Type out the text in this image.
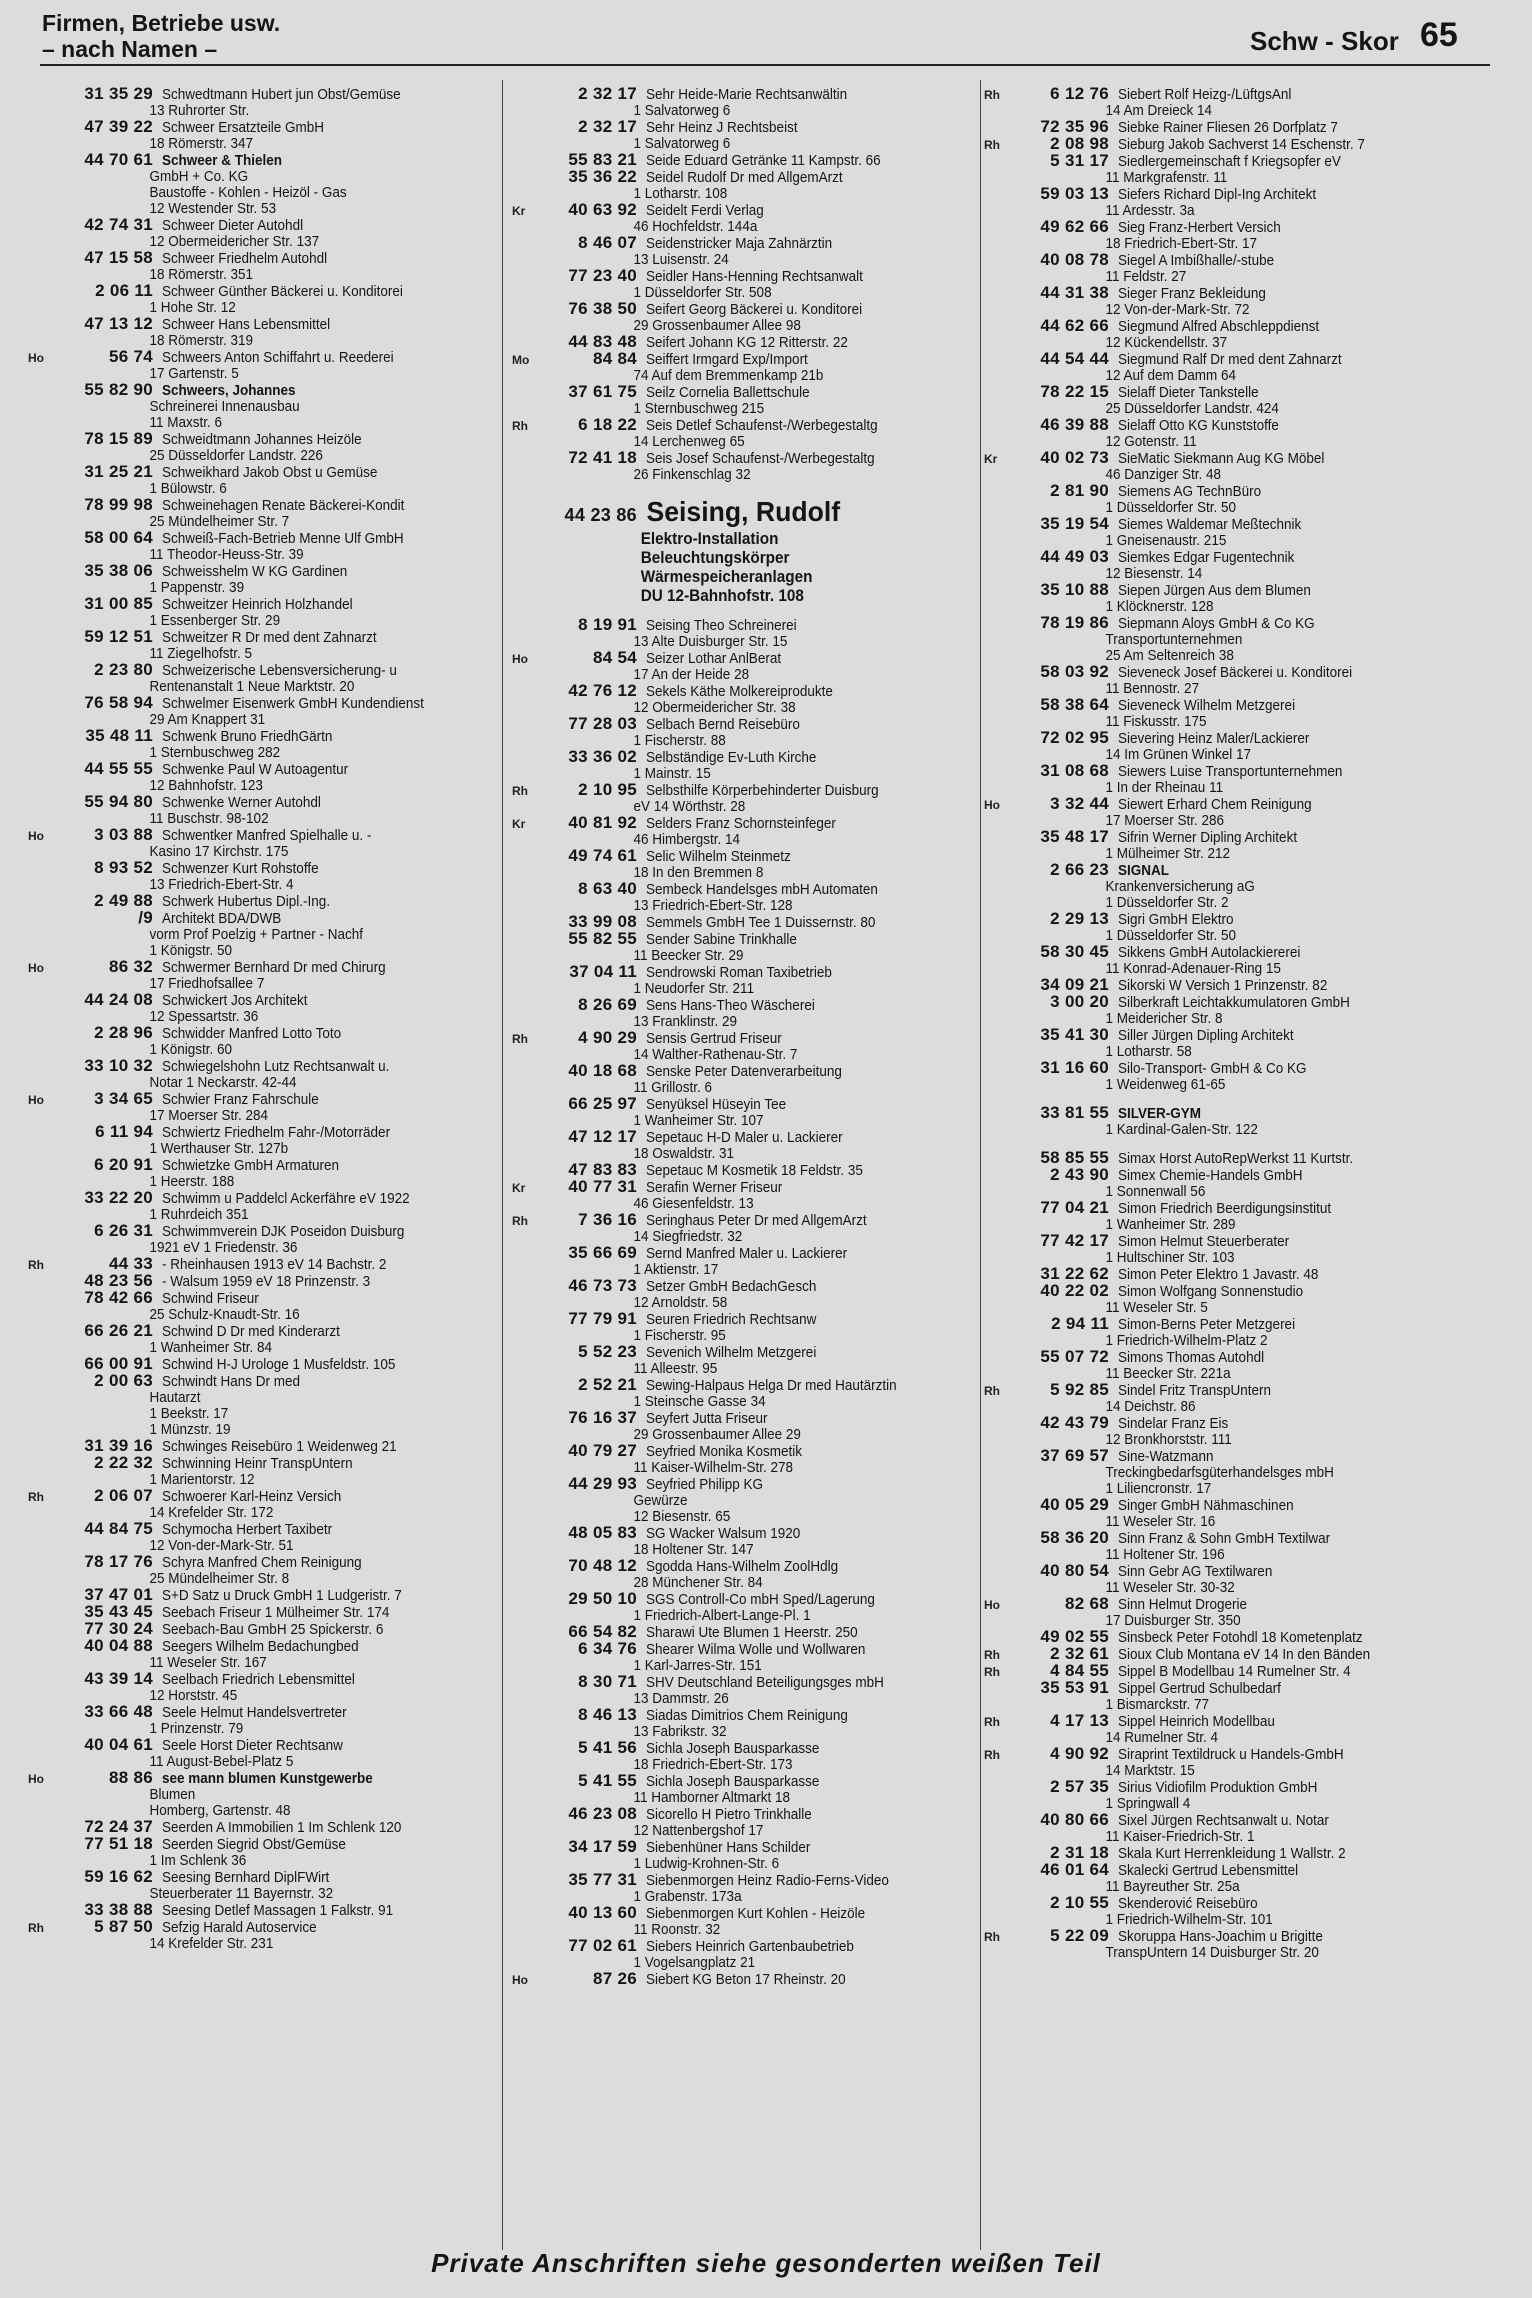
Firmen, Betriebe usw.
– nach Namen –	Schw - Skor 65
31 35 29 Schwedtmann Hubert jun Obst/Gemüse
13 Ruhrorter Str.
47 39 22 Schweer Ersatzteile GmbH
18 Römerstr. 347
44 70 61 Schweer & Thielen
GmbH + Co. KG
Baustoffe - Kohlen - Heizöl - Gas
12 Westender Str. 53
42 74 31 Schweer Dieter Autohdl
12 Obermeidericher Str. 137
47 15 58 Schweer Friedhelm Autohdl
18 Römerstr. 351
2 06 11 Schweer Günther Bäckerei u. Konditorei
1 Hohe Str. 12
47 13 12 Schweer Hans Lebensmittel
18 Römerstr. 319
Ho	56 74 Schweers Anton Schiffahrt u. Reederei
17 Gartenstr. 5
55 82 90 Schweers, Johannes
Schreinerei Innenausbau
11 Maxstr. 6
78 15 89 Schweidtmann Johannes Heizöle
25 Düsseldorfer Landstr. 226
31 25 21 Schweikhard Jakob Obst u Gemüse
1 Bülowstr. 6
78 99 98 Schweinehagen Renate Bäckerei-Kondit
25 Mündelheimer Str. 7
58 00 64 Schweiß-Fach-Betrieb Menne Ulf GmbH
11 Theodor-Heuss-Str. 39
35 38 06 Schweisshelm W KG Gardinen
1 Pappenstr. 39
31 00 85 Schweitzer Heinrich Holzhandel
1 Essenberger Str. 29
59 12 51 Schweitzer R Dr med dent Zahnarzt
11 Ziegelhofstr. 5
2 23 80 Schweizerische Lebensversicherung- u
Rentenanstalt 1 Neue Marktstr. 20
76 58 94 Schwelmer Eisenwerk GmbH Kundendienst
29 Am Knappert 31
35 48 11 Schwenk Bruno FriedhGärtn
1 Sternbuschweg 282
44 55 55 Schwenke Paul W Autoagentur
12 Bahnhofstr. 123
55 94 80 Schwenke Werner Autohdl
11 Buschstr. 98-102
Ho	3 03 88 Schwentker Manfred Spielhalle u. -
Kasino 17 Kirchstr. 175
8 93 52 Schwenzer Kurt Rohstoffe
13 Friedrich-Ebert-Str. 4
2 49 88 Schwerk Hubertus Dipl.-Ing.
/9 Architekt BDA/DWB
vorm Prof Poelzig + Partner - Nachf
1 Königstr. 50
Ho	86 32 Schwermer Bernhard Dr med Chirurg
17 Friedhofsallee 7
44 24 08 Schwickert Jos Architekt
12 Spessartstr. 36
2 28 96 Schwidder Manfred Lotto Toto
1 Königstr. 60
33 10 32 Schwiegelshohn Lutz Rechtsanwalt u.
Notar 1 Neckarstr. 42-44
Ho	3 34 65 Schwier Franz Fahrschule
17 Moerser Str. 284
6 11 94 Schwiertz Friedhelm Fahr-/Motorräder
1 Werthauser Str. 127b
6 20 91 Schwietzke GmbH Armaturen
1 Heerstr. 188
33 22 20 Schwimm u Paddelcl Ackerfähre eV 1922
1 Ruhrdeich 351
6 26 31 Schwimmverein DJK Poseidon Duisburg
1921 eV 1 Friedenstr. 36
Rh	44 33 - Rheinhausen 1913 eV 14 Bachstr. 2
48 23 56 - Walsum 1959 eV 18 Prinzenstr. 3
78 42 66 Schwind Friseur
25 Schulz-Knaudt-Str. 16
66 26 21 Schwind D Dr med Kinderarzt
1 Wanheimer Str. 84
66 00 91 Schwind H-J Urologe 1 Musfeldstr. 105
2 00 63 Schwindt Hans Dr med
Hautarzt
1 Beekstr. 17
1 Münzstr. 19
31 39 16 Schwinges Reisebüro 1 Weidenweg 21
2 22 32 Schwinning Heinr TranspUntern
1 Marientorstr. 12
Rh	2 06 07 Schwoerer Karl-Heinz Versich
14 Krefelder Str. 172
44 84 75 Schymocha Herbert Taxibetr
12 Von-der-Mark-Str. 51
78 17 76 Schyra Manfred Chem Reinigung
25 Mündelheimer Str. 8
37 47 01 S+D Satz u Druck GmbH 1 Ludgeristr. 7
35 43 45 Seebach Friseur 1 Mülheimer Str. 174
77 30 24 Seebach-Bau GmbH 25 Spickerstr. 6
40 04 88 Seegers Wilhelm Bedachungbed
11 Weseler Str. 167
43 39 14 Seelbach Friedrich Lebensmittel
12 Horststr. 45
33 66 48 Seele Helmut Handelsvertreter
1 Prinzenstr. 79
40 04 61 Seele Horst Dieter Rechtsanw
11 August-Bebel-Platz 5
Ho	88 86 see mann blumen Kunstgewerbe
Blumen
Homberg, Gartenstr. 48
72 24 37 Seerden A Immobilien 1 Im Schlenk 120
77 51 18 Seerden Siegrid Obst/Gemüse
1 Im Schlenk 36
59 16 62 Seesing Bernhard DiplFWirt
Steuerberater 11 Bayernstr. 32
33 38 88 Seesing Detlef Massagen 1 Falkstr. 91
Rh	5 87 50 Sefzig Harald Autoservice
14 Krefelder Str. 231
2 32 17 Sehr Heide-Marie Rechtsanwältin
1 Salvatorweg 6
2 32 17 Sehr Heinz J Rechtsbeist
1 Salvatorweg 6
55 83 21 Seide Eduard Getränke 11 Kampstr. 66
35 36 22 Seidel Rudolf Dr med AllgemArzt
1 Lotharstr. 108
Kr	40 63 92 Seidelt Ferdi Verlag
46 Hochfeldstr. 144a
8 46 07 Seidenstricker Maja Zahnärztin
13 Luisenstr. 24
77 23 40 Seidler Hans-Henning Rechtsanwalt
1 Düsseldorfer Str. 508
76 38 50 Seifert Georg Bäckerei u. Konditorei
29 Grossenbaumer Allee 98
44 83 48 Seifert Johann KG 12 Ritterstr. 22
Mo	84 84 Seiffert Irmgard Exp/Import
74 Auf dem Bremmenkamp 21b
37 61 75 Seilz Cornelia Ballettschule
1 Sternbuschweg 215
Rh	6 18 22 Seis Detlef Schaufenst-/Werbegestaltg
14 Lerchenweg 65
72 41 18 Seis Josef Schaufenst-/Werbegestaltg
26 Finkenschlag 32
44 23 86 Seising, Rudolf
Elektro-Installation
Beleuchtungskörper
Wärmespeicheranlagen
DU 12-Bahnhofstr. 108
8 19 91 Seising Theo Schreinerei
13 Alte Duisburger Str. 15
Ho	84 54 Seizer Lothar AnlBerat
17 An der Heide 28
42 76 12 Sekels Käthe Molkereiprodukte
12 Obermeidericher Str. 38
77 28 03 Selbach Bernd Reisebüro
1 Fischerstr. 88
33 36 02 Selbständige Ev-Luth Kirche
1 Mainstr. 15
Rh	2 10 95 Selbsthilfe Körperbehinderter Duisburg
eV 14 Wörthstr. 28
Kr	40 81 92 Selders Franz Schornsteinfeger
46 Himbergstr. 14
49 74 61 Selic Wilhelm Steinmetz
18 In den Bremmen 8
8 63 40 Sembeck Handelsges mbH Automaten
13 Friedrich-Ebert-Str. 128
33 99 08 Semmels GmbH Tee 1 Duissernstr. 80
55 82 55 Sender Sabine Trinkhalle
11 Beecker Str. 29
37 04 11 Sendrowski Roman Taxibetrieb
1 Neudorfer Str. 211
8 26 69 Sens Hans-Theo Wäscherei
13 Franklinstr. 29
Rh	4 90 29 Sensis Gertrud Friseur
14 Walther-Rathenau-Str. 7
40 18 68 Senske Peter Datenverarbeitung
11 Grillostr. 6
66 25 97 Senyüksel Hüseyin Tee
1 Wanheimer Str. 107
47 12 17 Sepetauc H-D Maler u. Lackierer
18 Oswaldstr. 31
47 83 83 Sepetauc M Kosmetik 18 Feldstr. 35
Kr	40 77 31 Serafin Werner Friseur
46 Giesenfeldstr. 13
Rh	7 36 16 Seringhaus Peter Dr med AllgemArzt
14 Siegfriedstr. 32
35 66 69 Sernd Manfred Maler u. Lackierer
1 Aktienstr. 17
46 73 73 Setzer GmbH BedachGesch
12 Arnoldstr. 58
77 79 91 Seuren Friedrich Rechtsanw
1 Fischerstr. 95
5 52 23 Sevenich Wilhelm Metzgerei
11 Alleestr. 95
2 52 21 Sewing-Halpaus Helga Dr med Hautärztin
1 Steinsche Gasse 34
76 16 37 Seyfert Jutta Friseur
29 Grossenbaumer Allee 29
40 79 27 Seyfried Monika Kosmetik
11 Kaiser-Wilhelm-Str. 278
44 29 93 Seyfried Philipp KG
Gewürze
12 Biesenstr. 65
48 05 83 SG Wacker Walsum 1920
18 Holtener Str. 147
70 48 12 Sgodda Hans-Wilhelm ZoolHdlg
28 Münchener Str. 84
29 50 10 SGS Controll-Co mbH Sped/Lagerung
1 Friedrich-Albert-Lange-Pl. 1
66 54 82 Sharawi Ute Blumen 1 Heerstr. 250
6 34 76 Shearer Wilma Wolle und Wollwaren
1 Karl-Jarres-Str. 151
8 30 71 SHV Deutschland Beteiligungsges mbH
13 Dammstr. 26
8 46 13 Siadas Dimitrios Chem Reinigung
13 Fabrikstr. 32
5 41 56 Sichla Joseph Bausparkasse
18 Friedrich-Ebert-Str. 173
5 41 55 Sichla Joseph Bausparkasse
11 Hamborner Altmarkt 18
46 23 08 Sicorello H Pietro Trinkhalle
12 Nattenbergshof 17
34 17 59 Siebenhüner Hans Schilder
1 Ludwig-Krohnen-Str. 6
35 77 31 Siebenmorgen Heinz Radio-Ferns-Video
1 Grabenstr. 173a
40 13 60 Siebenmorgen Kurt Kohlen - Heizöle
11 Roonstr. 32
77 02 61 Siebers Heinrich Gartenbaubetrieb
1 Vogelsangplatz 21
Ho	87 26 Siebert KG Beton 17 Rheinstr. 20
Rh	6 12 76 Siebert Rolf Heizg-/LüftgsAnl
14 Am Dreieck 14
72 35 96 Siebke Rainer Fliesen 26 Dorfplatz 7
Rh	2 08 98 Sieburg Jakob Sachverst 14 Eschenstr. 7
5 31 17 Siedlergemeinschaft f Kriegsopfer eV
11 Markgrafenstr. 11
59 03 13 Siefers Richard Dipl-Ing Architekt
11 Ardesstr. 3a
49 62 66 Sieg Franz-Herbert Versich
18 Friedrich-Ebert-Str. 17
40 08 78 Siegel A Imbißhalle/-stube
11 Feldstr. 27
44 31 38 Sieger Franz Bekleidung
12 Von-der-Mark-Str. 72
44 62 66 Siegmund Alfred Abschleppdienst
12 Kückendellstr. 37
44 54 44 Siegmund Ralf Dr med dent Zahnarzt
12 Auf dem Damm 64
78 22 15 Sielaff Dieter Tankstelle
25 Düsseldorfer Landstr. 424
46 39 88 Sielaff Otto KG Kunststoffe
12 Gotenstr. 11
Kr	40 02 73 SieMatic Siekmann Aug KG Möbel
46 Danziger Str. 48
2 81 90 Siemens AG TechnBüro
1 Düsseldorfer Str. 50
35 19 54 Siemes Waldemar Meßtechnik
1 Gneisenaustr. 215
44 49 03 Siemkes Edgar Fugentechnik
12 Biesenstr. 14
35 10 88 Siepen Jürgen Aus dem Blumen
1 Klöcknerstr. 128
78 19 86 Siepmann Aloys GmbH & Co KG
Transportunternehmen
25 Am Seltenreich 38
58 03 92 Sieveneck Josef Bäckerei u. Konditorei
11 Bennostr. 27
58 38 64 Sieveneck Wilhelm Metzgerei
11 Fiskusstr. 175
72 02 95 Sievering Heinz Maler/Lackierer
14 Im Grünen Winkel 17
31 08 68 Siewers Luise Transportunternehmen
1 In der Rheinau 11
Ho	3 32 44 Siewert Erhard Chem Reinigung
17 Moerser Str. 286
35 48 17 Sifrin Werner Dipling Architekt
1 Mülheimer Str. 212
2 66 23 SIGNAL
Krankenversicherung aG
1 Düsseldorfer Str. 2
2 29 13 Sigri GmbH Elektro
1 Düsseldorfer Str. 50
58 30 45 Sikkens GmbH Autolackiererei
11 Konrad-Adenauer-Ring 15
34 09 21 Sikorski W Versich 1 Prinzenstr. 82
3 00 20 Silberkraft Leichtakkumulatoren GmbH
1 Meidericher Str. 8
35 41 30 Siller Jürgen Dipling Architekt
1 Lotharstr. 58
31 16 60 Silo-Transport- GmbH & Co KG
1 Weidenweg 61-65
33 81 55 SILVER-GYM
1 Kardinal-Galen-Str. 122
58 85 55 Simax Horst AutoRepWerkst 11 Kurtstr.
2 43 90 Simex Chemie-Handels GmbH
1 Sonnenwall 56
77 04 21 Simon Friedrich Beerdigungsinstitut
1 Wanheimer Str. 289
77 42 17 Simon Helmut Steuerberater
1 Hultschiner Str. 103
31 22 62 Simon Peter Elektro 1 Javastr. 48
40 22 02 Simon Wolfgang Sonnenstudio
11 Weseler Str. 5
2 94 11 Simon-Berns Peter Metzgerei
1 Friedrich-Wilhelm-Platz 2
55 07 72 Simons Thomas Autohdl
11 Beecker Str. 221a
Rh	5 92 85 Sindel Fritz TranspUntern
14 Deichstr. 86
42 43 79 Sindelar Franz Eis
12 Bronkhorststr. 111
37 69 57 Sine-Watzmann
Treckingbedarfsgüterhandelsges mbH
1 Liliencronstr. 17
40 05 29 Singer GmbH Nähmaschinen
11 Weseler Str. 16
58 36 20 Sinn Franz & Sohn GmbH Textilwar
11 Holtener Str. 196
40 80 54 Sinn Gebr AG Textilwaren
11 Weseler Str. 30-32
Ho	82 68 Sinn Helmut Drogerie
17 Duisburger Str. 350
49 02 55 Sinsbeck Peter Fotohdl 18 Kometenplatz
Rh	2 32 61 Sioux Club Montana eV 14 In den Bänden
Rh	4 84 55 Sippel B Modellbau 14 Rumelner Str. 4
35 53 91 Sippel Gertrud Schulbedarf
1 Bismarckstr. 77
Rh	4 17 13 Sippel Heinrich Modellbau
14 Rumelner Str. 4
Rh	4 90 92 Siraprint Textildruck u Handels-GmbH
14 Marktstr. 15
2 57 35 Sirius Vidiofilm Produktion GmbH
1 Springwall 4
40 80 66 Sixel Jürgen Rechtsanwalt u. Notar
11 Kaiser-Friedrich-Str. 1
2 31 18 Skala Kurt Herrenkleidung 1 Wallstr. 2
46 01 64 Skalecki Gertrud Lebensmittel
11 Bayreuther Str. 25a
2 10 55 Skenderović Reisebüro
1 Friedrich-Wilhelm-Str. 101
Rh	5 22 09 Skoruppa Hans-Joachim u Brigitte
TranspUntern 14 Duisburger Str. 20
Private Anschriften siehe gesonderten weißen Teil
